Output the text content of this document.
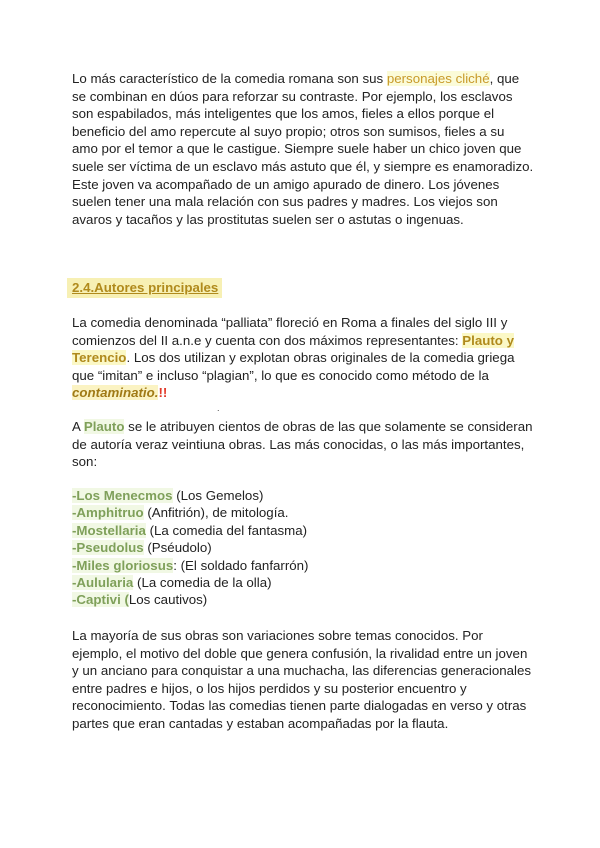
Lo más característico de la comedia romana son sus personajes cliché, que
se combinan en dúos para reforzar su contraste. Por ejemplo, los esclavos
son espabilados, más inteligentes que los amos, fieles a ellos porque el
beneficio del amo repercute al suyo propio; otros son sumisos, fieles a su
amo por el temor a que le castigue. Siempre suele haber un chico joven que
suele ser víctima de un esclavo más astuto que él, y siempre es enamoradizo.
Este joven va acompañado de un amigo apurado de dinero. Los jóvenes
suelen tener una mala relación con sus padres y madres. Los viejos son
avaros y tacaños y las prostitutas suelen ser o astutas o ingenuas.
2.4.Autores principales
La comedia denominada “palliata” floreció en Roma a finales del siglo III y
comienzos del II a.n.e y cuenta con dos máximos representantes: Plauto y
Terencio. Los dos utilizan y explotan obras originales de la comedia griega
que “imitan” e incluso “plagian”, lo que es conocido como método de la
contaminatio.!!
.
A Plauto se le atribuyen cientos de obras de las que solamente se consideran
de autoría veraz veintiuna obras. Las más conocidas, o las más importantes,
son:
-Los Menecmos (Los Gemelos)
-Amphitruo (Anfitrión), de mitología.
-Mostellaria (La comedia del fantasma)
-Pseudolus (Pséudolo)
-Miles gloriosus: (El soldado fanfarrón)
-Aulularia (La comedia de la olla)
-Captivi (Los cautivos)
La mayoría de sus obras son variaciones sobre temas conocidos. Por
ejemplo, el motivo del doble que genera confusión, la rivalidad entre un joven
y un anciano para conquistar a una muchacha, las diferencias generacionales
entre padres e hijos, o los hijos perdidos y su posterior encuentro y
reconocimiento. Todas las comedias tienen parte dialogadas en verso y otras
partes que eran cantadas y estaban acompañadas por la flauta.
